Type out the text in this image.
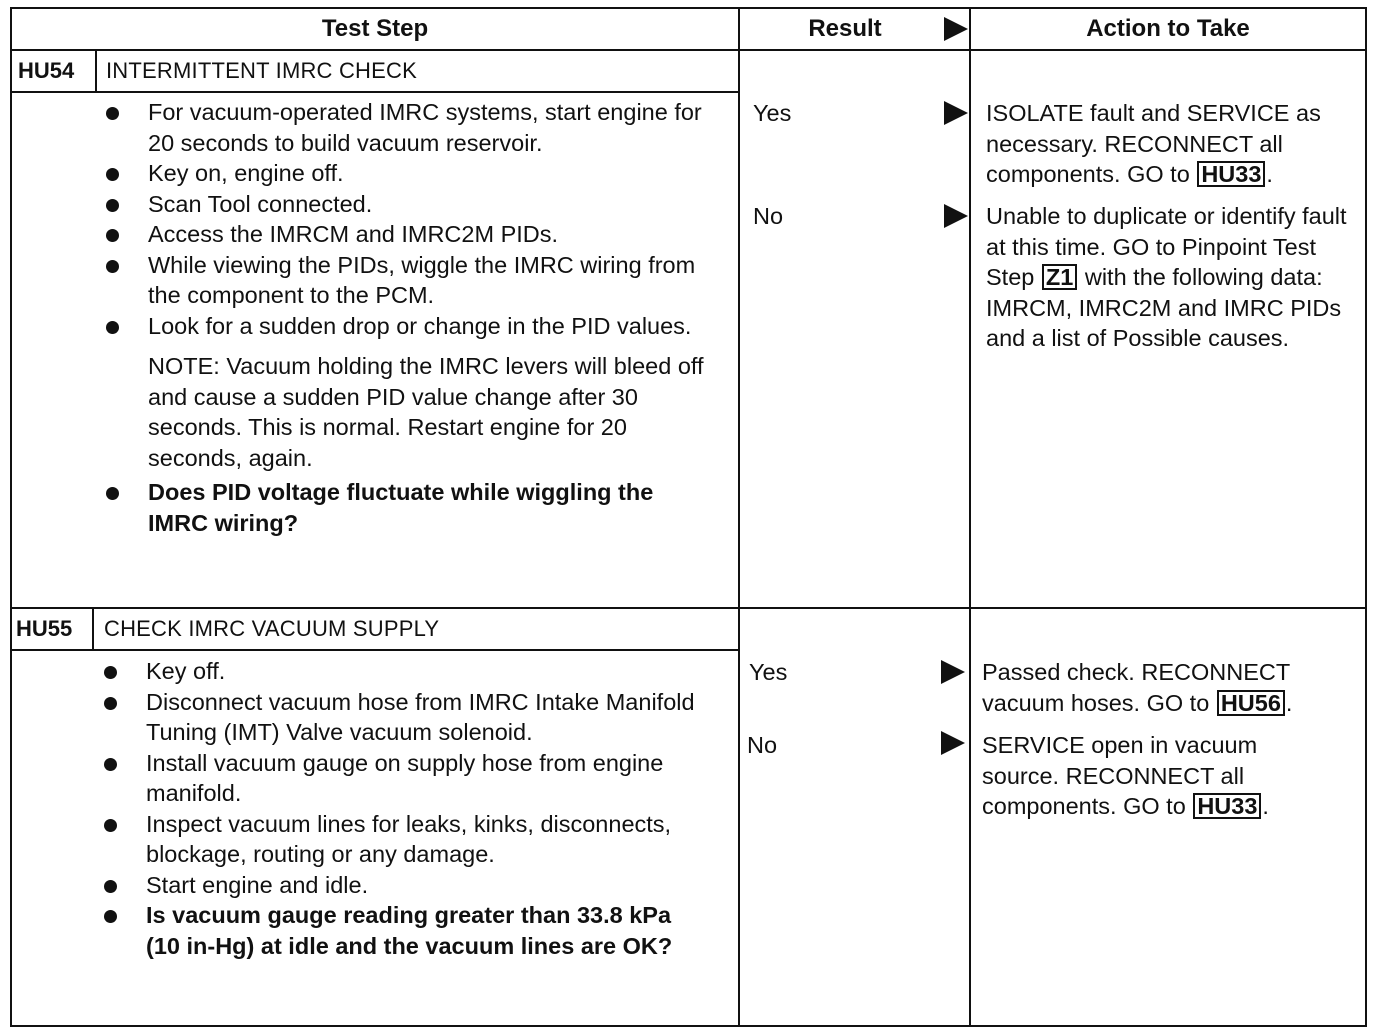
Test Step	Result	Action to Take
HU54 INTERMITTENT IMRC CHECK
For vacuum-operated IMRC systems, start engine for 20 seconds to build vacuum reservoir.
Key on, engine off.
Scan Tool connected.
Access the IMRCM and IMRC2M PIDs.
While viewing the PIDs, wiggle the IMRC wiring from the component to the PCM.
Look for a sudden drop or change in the PID values.
NOTE: Vacuum holding the IMRC levers will bleed off and cause a sudden PID value change after 30 seconds. This is normal. Restart engine for 20 seconds, again.
Does PID voltage fluctuate while wiggling the IMRC wiring?
Yes
No
ISOLATE fault and SERVICE as necessary. RECONNECT all components. GO to HU33 .
Unable to duplicate or identify fault at this time. GO to Pinpoint Test Step Z1 with the following data: IMRCM, IMRC2M and IMRC PIDs and a list of Possible causes.
HU55 CHECK IMRC VACUUM SUPPLY
Key off.
Disconnect vacuum hose from IMRC Intake Manifold Tuning (IMT) Valve vacuum solenoid.
Install vacuum gauge on supply hose from engine manifold.
Inspect vacuum lines for leaks, kinks, disconnects, blockage, routing or any damage.
Start engine and idle.
Is vacuum gauge reading greater than 33.8 kPa (10 in-Hg) at idle and the vacuum lines are OK?
Yes
No
Passed check. RECONNECT vacuum hoses. GO to HU56 .
SERVICE open in vacuum source. RECONNECT all components. GO to HU33 .
